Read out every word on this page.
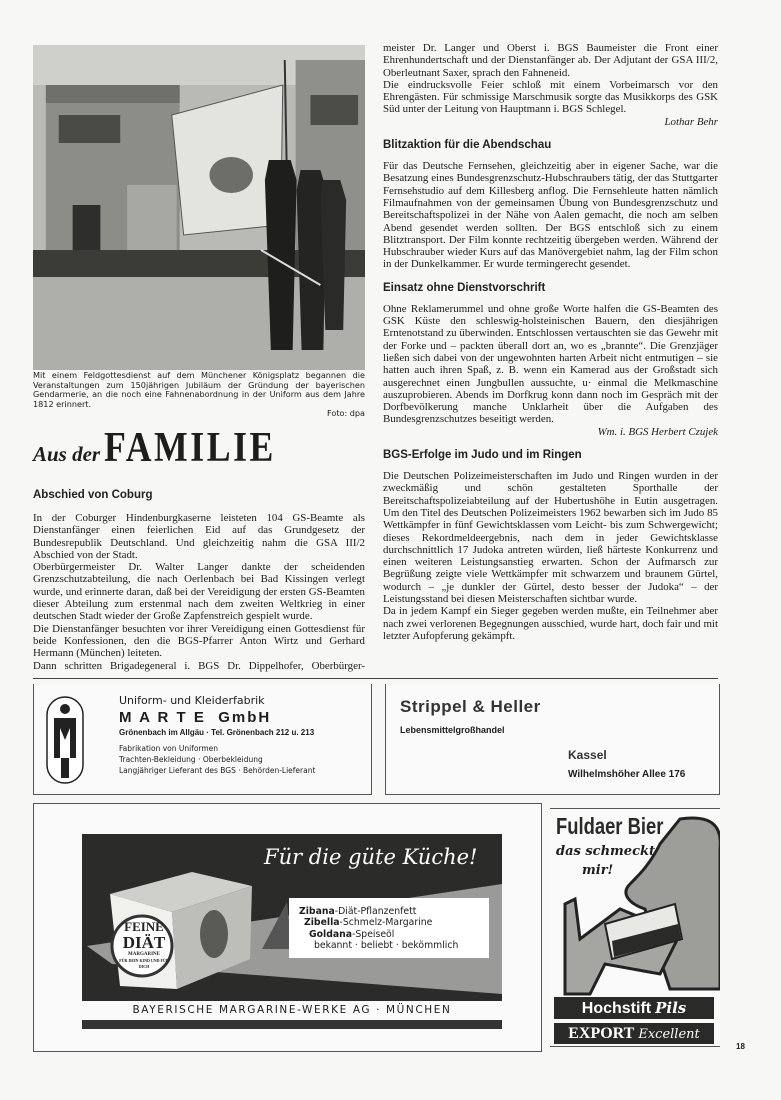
Mit einem Feldgottesdienst auf dem Münchener Königsplatz begannen die Veranstaltungen zum 150jährigen Jubiläum der Gründung der bayerischen Gendarmerie, an die noch eine Fahnenabordnung in der Uniform aus dem Jahre 1812 erinnert.
Foto: dpa
Aus der FAMILIE
Abschied von Coburg

In der Coburger Hindenburgkaserne leisteten 104 GS-Beamte als Dienstanfänger einen feierlichen Eid auf das Grundgesetz der Bundesrepublik Deutschland. Und gleichzeitig nahm die GSA III/2 Abschied von der Stadt.

Oberbürgermeister Dr. Walter Langer dankte der scheidenden Grenzschutzabteilung, die nach Oerlenbach bei Bad Kissingen verlegt wurde, und erinnerte daran, daß bei der Vereidigung der ersten GS-Beamten dieser Abteilung zum erstenmal nach dem zweiten Weltkrieg in einer deutschen Stadt wieder der Große Zapfenstreich gespielt wurde.

Die Dienstanfänger besuchten vor ihrer Vereidigung einen Gottesdienst für beide Konfessionen, den die BGS-Pfarrer Anton Wirtz und Gerhard Hermann (München) leiteten.

Dann schritten Brigadegeneral i. BGS Dr. Dippelhofer, Oberbürger-

meister Dr. Langer und Oberst i. BGS Baumeister die Front einer Ehrenhundertschaft und der Dienstanfänger ab. Der Adjutant der GSA III/2, Oberleutnant Saxer, sprach den Fahneneid.

Die eindrucksvolle Feier schloß mit einem Vorbeimarsch vor den Ehrengästen. Für schmissige Marschmusik sorgte das Musikkorps des GSK Süd unter der Leitung von Hauptmann i. BGS Schlegel.

Lothar Behr

Blitzaktion für die Abendschau

Für das Deutsche Fernsehen, gleichzeitig aber in eigener Sache, war die Besatzung eines Bundesgrenzschutz-Hubschraubers tätig, der das Stuttgarter Fernsehstudio auf dem Killesberg anflog. Die Fernsehleute hatten nämlich Filmaufnahmen von der gemeinsamen Übung von Bundesgrenzschutz und Bereitschaftspolizei in der Nähe von Aalen gemacht, die noch am selben Abend gesendet werden sollten. Der BGS entschloß sich zu einem Blitztransport. Der Film konnte rechtzeitig übergeben werden. Während der Hubschrauber wieder Kurs auf das Manövergebiet nahm, lag der Film schon in der Dunkelkammer. Er wurde termingerecht gesendet.

Einsatz ohne Dienstvorschrift

Ohne Reklamerummel und ohne große Worte halfen die GS-Beamten des GSK Küste den schleswig-holsteinischen Bauern, den diesjährigen Erntenotstand zu überwinden. Entschlossen vertauschten sie das Gewehr mit der Forke und – packten überall dort an, wo es „brannte“. Die Grenzjäger ließen sich dabei von der ungewohnten harten Arbeit nicht entmutigen – sie hatten auch ihren Spaß, z. B. wenn ein Kamerad aus der Großstadt sich ausgerechnet einen Jungbullen aussuchte, u· einmal die Melkmaschine auszuprobieren. Abends im Dorfkrug konn dann noch im Gespräch mit der Dorfbevölkerung manche Unklarheit über die Aufgaben des Bundesgrenzschutzes beseitigt werden.

Wm. i. BGS Herbert Czujek

BGS-Erfolge im Judo und im Ringen

Die Deutschen Polizeimeisterschaften im Judo und Ringen wurden in der zweckmäßig und schön gestalteten Sporthalle der Bereitschaftspolizeiabteilung auf der Hubertushöhe in Eutin ausgetragen. Um den Titel des Deutschen Polizeimeisters 1962 bewarben sich im Judo 85 Wettkämpfer in fünf Gewichtsklassen vom Leicht- bis zum Schwergewicht; dieses Rekordmeldeergebnis, nach dem in jeder Gewichtsklasse durchschnittlich 17 Judoka antreten würden, ließ härteste Konkurrenz und einen weiteren Leistungsanstieg erwarten. Schon der Aufmarsch zur Begrüßung zeigte viele Wettkämpfer mit schwarzem und braunem Gürtel, wodurch – „je dunkler der Gürtel, desto besser der Judoka“ – der Leistungsstand bei diesen Meisterschaften sichtbar wurde.

Da in jedem Kampf ein Sieger gegeben werden mußte, ein Teilnehmer aber nach zwei verlorenen Begegnungen ausschied, wurde hart, doch fair und mit letzter Aufopferung gekämpft.

Uniform- und Kleiderfabrik
M A R T E  GmbH
Grönenbach im Allgäu · Tel. Grönenbach 212 u. 213
Fabrikation von Uniformen
Trachten-Bekleidung · Oberbekleidung
Langjähriger Lieferant des BGS · Behörden-Lieferant
Strippel & Heller
Lebensmittelgroßhandel
Kassel
Wilhelmshöher Allee 176
FEINE
DIÄT
MARGARINE
FÜR DEIN KIND UND FÜR DICH
Für die güte Küche!
Zibana-Diät-Pflanzenfett
Zibella-Schmelz-Margarine
Goldana-Speiseöl
bekannt · beliebt · bekömmlich
BAYERISCHE MARGARINE-WERKE AG · MÜNCHEN
Fuldaer Bier
das schmeckt
mir!
Hochstift Pils
EXPORT Excellent
18
